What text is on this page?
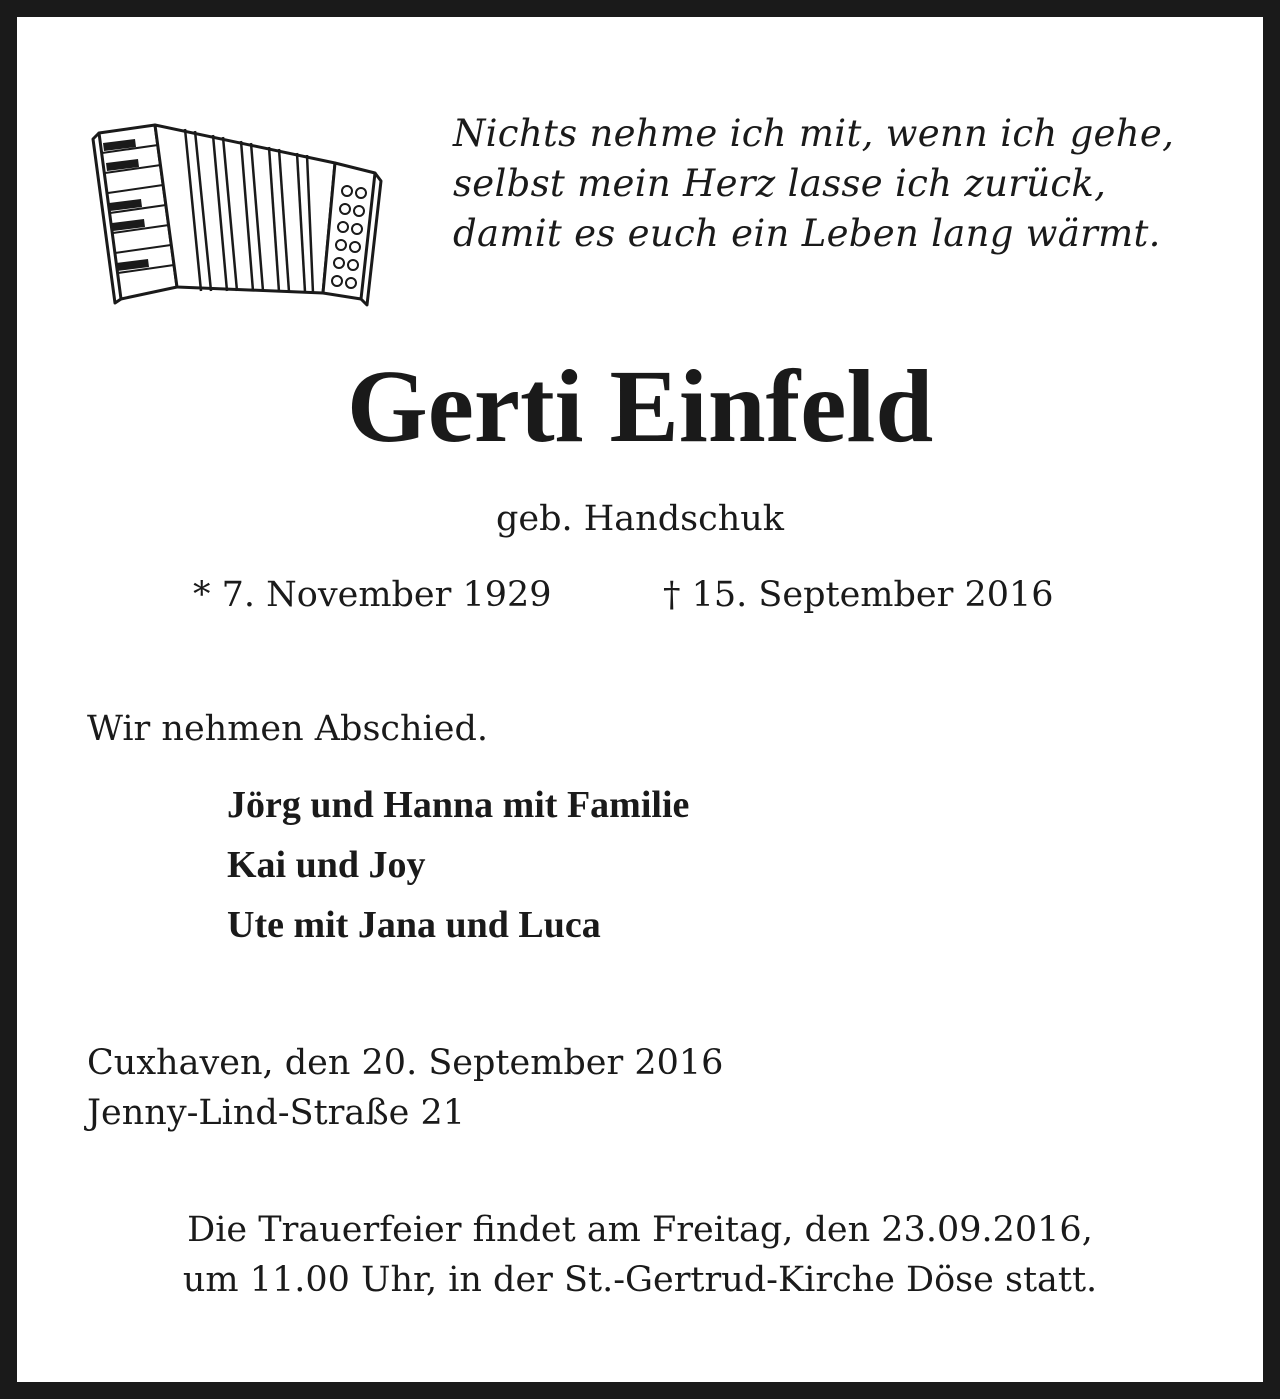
Nichts nehme ich mit, wenn ich gehe,
selbst mein Herz lasse ich zurück,
damit es euch ein Leben lang wärmt.
Gerti Einfeld
geb. Handschuk
* 7. November 1929	† 15. September 2016
Wir nehmen Abschied.
Jörg und Hanna mit Familie
Kai und Joy
Ute mit Jana und Luca
Cuxhaven, den 20. September 2016
Jenny-Lind-Straße 21
Die Trauerfeier findet am Freitag, den 23.09.2016,
um 11.00 Uhr, in der St.-Gertrud-Kirche Döse statt.
